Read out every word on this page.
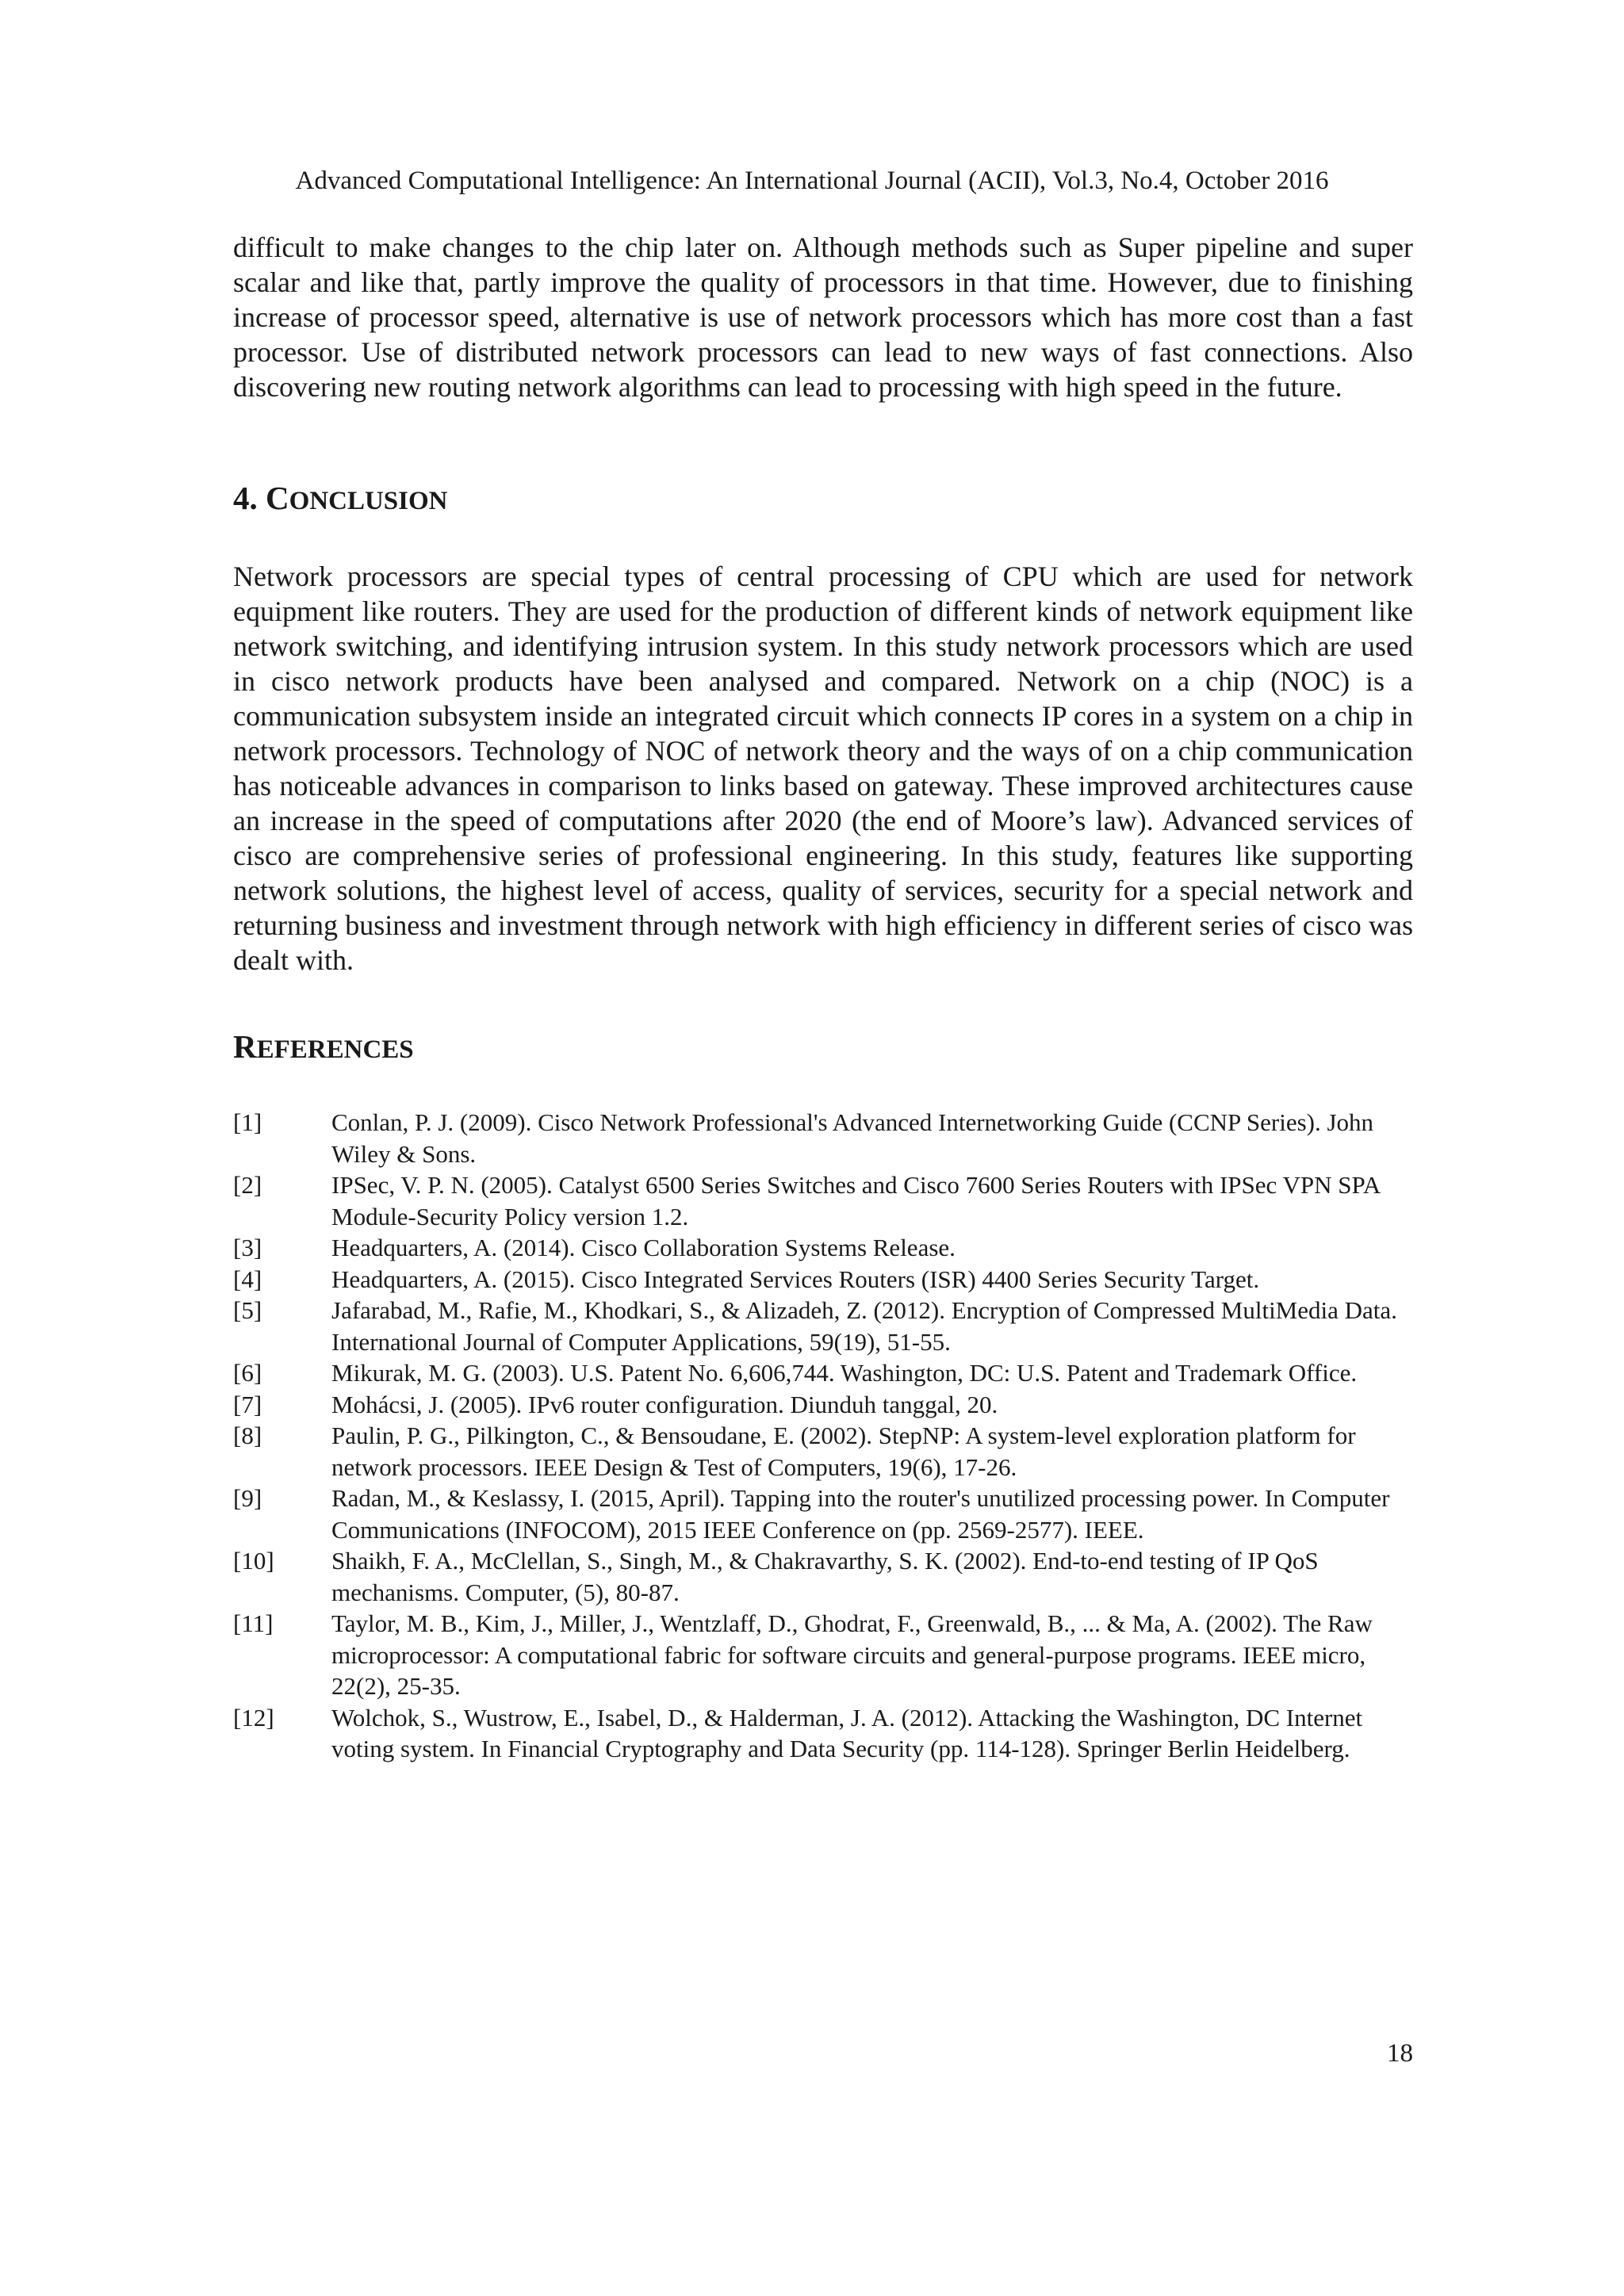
Advanced Computational Intelligence: An International Journal (ACII), Vol.3, No.4, October 2016

difficult to make changes to the chip later on. Although methods such as Super pipeline and super scalar and like that, partly improve the quality of processors in that time. However, due to finishing increase of processor speed, alternative is use of network processors which has more cost than a fast processor. Use of distributed network processors can lead to new ways of fast connections. Also discovering new routing network algorithms can lead to processing with high speed in the future.

4. CONCLUSION

Network processors are special types of central processing of CPU which are used for network equipment like routers. They are used for the production of different kinds of network equipment like network switching, and identifying intrusion system. In this study network processors which are used in cisco network products have been analysed and compared. Network on a chip (NOC) is a communication subsystem inside an integrated circuit which connects IP cores in a system on a chip in network processors. Technology of NOC of network theory and the ways of on a chip communication has noticeable advances in comparison to links based on gateway. These improved architectures cause an increase in the speed of computations after 2020 (the end of Moore’s law). Advanced services of cisco are comprehensive series of professional engineering. In this study, features like supporting network solutions, the highest level of access, quality of services, security for a special network and returning business and investment through network with high efficiency in different series of cisco was dealt with.

REFERENCES
[1]	Conlan, P. J. (2009). Cisco Network Professional's Advanced Internetworking Guide (CCNP Series). John Wiley & Sons.
[2]	IPSec, V. P. N. (2005). Catalyst 6500 Series Switches and Cisco 7600 Series Routers with IPSec VPN SPA Module-Security Policy version 1.2.
[3]	Headquarters, A. (2014). Cisco Collaboration Systems Release.
[4]	Headquarters, A. (2015). Cisco Integrated Services Routers (ISR) 4400 Series Security Target.
[5]	Jafarabad, M., Rafie, M., Khodkari, S., & Alizadeh, Z. (2012). Encryption of Compressed MultiMedia Data. International Journal of Computer Applications, 59(19), 51-55.
[6]	Mikurak, M. G. (2003). U.S. Patent No. 6,606,744. Washington, DC: U.S. Patent and Trademark Office.
[7]	Mohácsi, J. (2005). IPv6 router configuration. Diunduh tanggal, 20.
[8]	Paulin, P. G., Pilkington, C., & Bensoudane, E. (2002). StepNP: A system-level exploration platform for network processors. IEEE Design & Test of Computers, 19(6), 17-26.
[9]	Radan, M., & Keslassy, I. (2015, April). Tapping into the router's unutilized processing power. In Computer Communications (INFOCOM), 2015 IEEE Conference on (pp. 2569-2577). IEEE.
[10] Shaikh, F. A., McClellan, S., Singh, M., & Chakravarthy, S. K. (2002). End-to-end testing of IP QoS mechanisms. Computer, (5), 80-87.
[11] Taylor, M. B., Kim, J., Miller, J., Wentzlaff, D., Ghodrat, F., Greenwald, B., ... & Ma, A. (2002). The Raw microprocessor: A computational fabric for software circuits and general-purpose programs. IEEE micro, 22(2), 25-35.
[12] Wolchok, S., Wustrow, E., Isabel, D., & Halderman, J. A. (2012). Attacking the Washington, DC Internet voting system. In Financial Cryptography and Data Security (pp. 114-128). Springer Berlin Heidelberg.
18
